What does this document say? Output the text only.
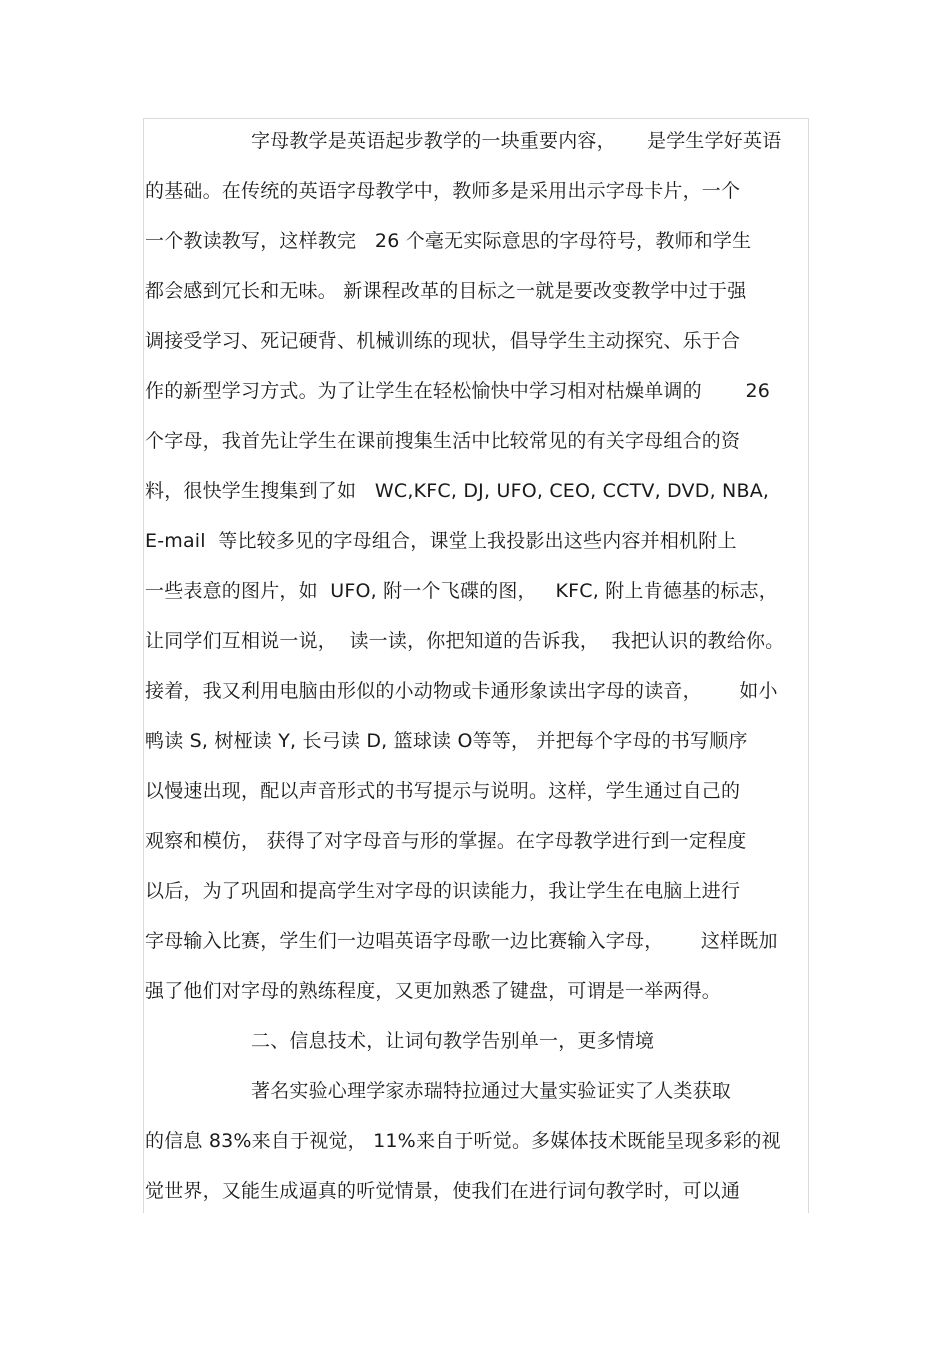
字母教学是英语起步教学的一块重要内容，     是学生学好英语
的基础。在传统的英语字母教学中，教师多是采用出示字母卡片，一个
一个教读教写，这样教完   26 个毫无实际意思的字母符号，教师和学生
都会感到冗长和无味。 新课程改革的目标之一就是要改变教学中过于强
调接受学习、死记硬背、机械训练的现状，倡导学生主动探究、乐于合
作的新型学习方式。为了让学生在轻松愉快中学习相对枯燥单调的       26
个字母，我首先让学生在课前搜集生活中比较常见的有关字母组合的资
料，很快学生搜集到了如   WC,KFC, DJ, UFO, CEO, CCTV, DVD, NBA,
E-mail  等比较多见的字母组合，课堂上我投影出这些内容并相机附上
一些表意的图片，如  UFO, 附一个飞碟的图，   KFC, 附上肯德基的标志，
让同学们互相说一说，  读一读，你把知道的告诉我，  我把认识的教给你。
接着，我又利用电脑由形似的小动物或卡通形象读出字母的读音，      如小
鸭读 S, 树桠读 Y, 长弓读 D, 篮球读 O等等， 并把每个字母的书写顺序
以慢速出现，配以声音形式的书写提示与说明。这样，学生通过自己的
观察和模仿， 获得了对字母音与形的掌握。在字母教学进行到一定程度
以后，为了巩固和提高学生对字母的识读能力，我让学生在电脑上进行
字母输入比赛，学生们一边唱英语字母歌一边比赛输入字母，      这样既加
强了他们对字母的熟练程度，又更加熟悉了键盘，可谓是一举两得。
二、信息技术，让词句教学告别单一，更多情境
著名实验心理学家赤瑞特拉通过大量实验证实了人类获取
的信息 83%来自于视觉， 11%来自于听觉。多媒体技术既能呈现多彩的视
觉世界，又能生成逼真的听觉情景，使我们在进行词句教学时，可以通
